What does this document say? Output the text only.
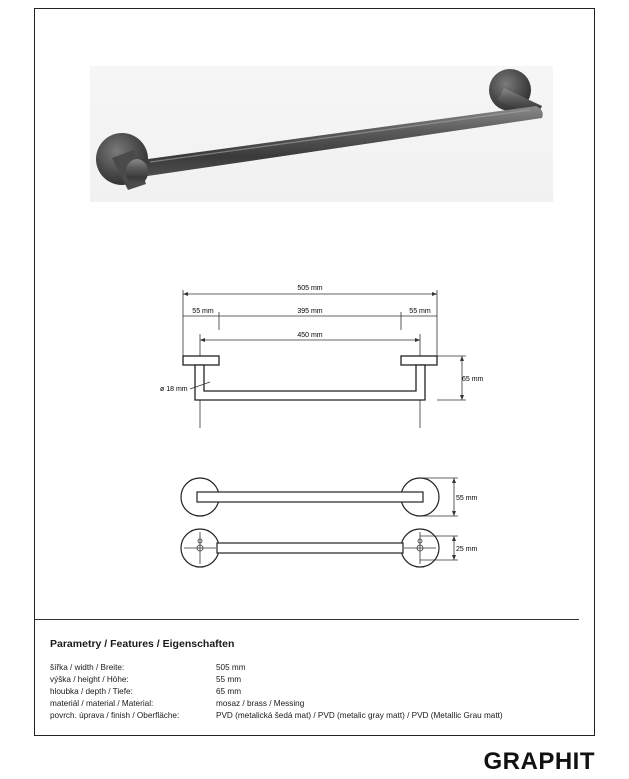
505 mm
55 mm	395 mm	55 mm
450 mm
65 mm
ø 18 mm
55 mm
25 mm
Parametry / Features / Eigenschaften
šířka / width / Breite:	505 mm
výška / height / Höhe:	55 mm
hloubka / depth / Tiefe:	65 mm
materiál / material / Material:	mosaz / brass / Messing
povrch. úprava / finish / Oberfläche:	PVD (metalická šedá mat) / PVD (metalic gray matt) / PVD (Metallic Grau matt)
GRAPHIT
